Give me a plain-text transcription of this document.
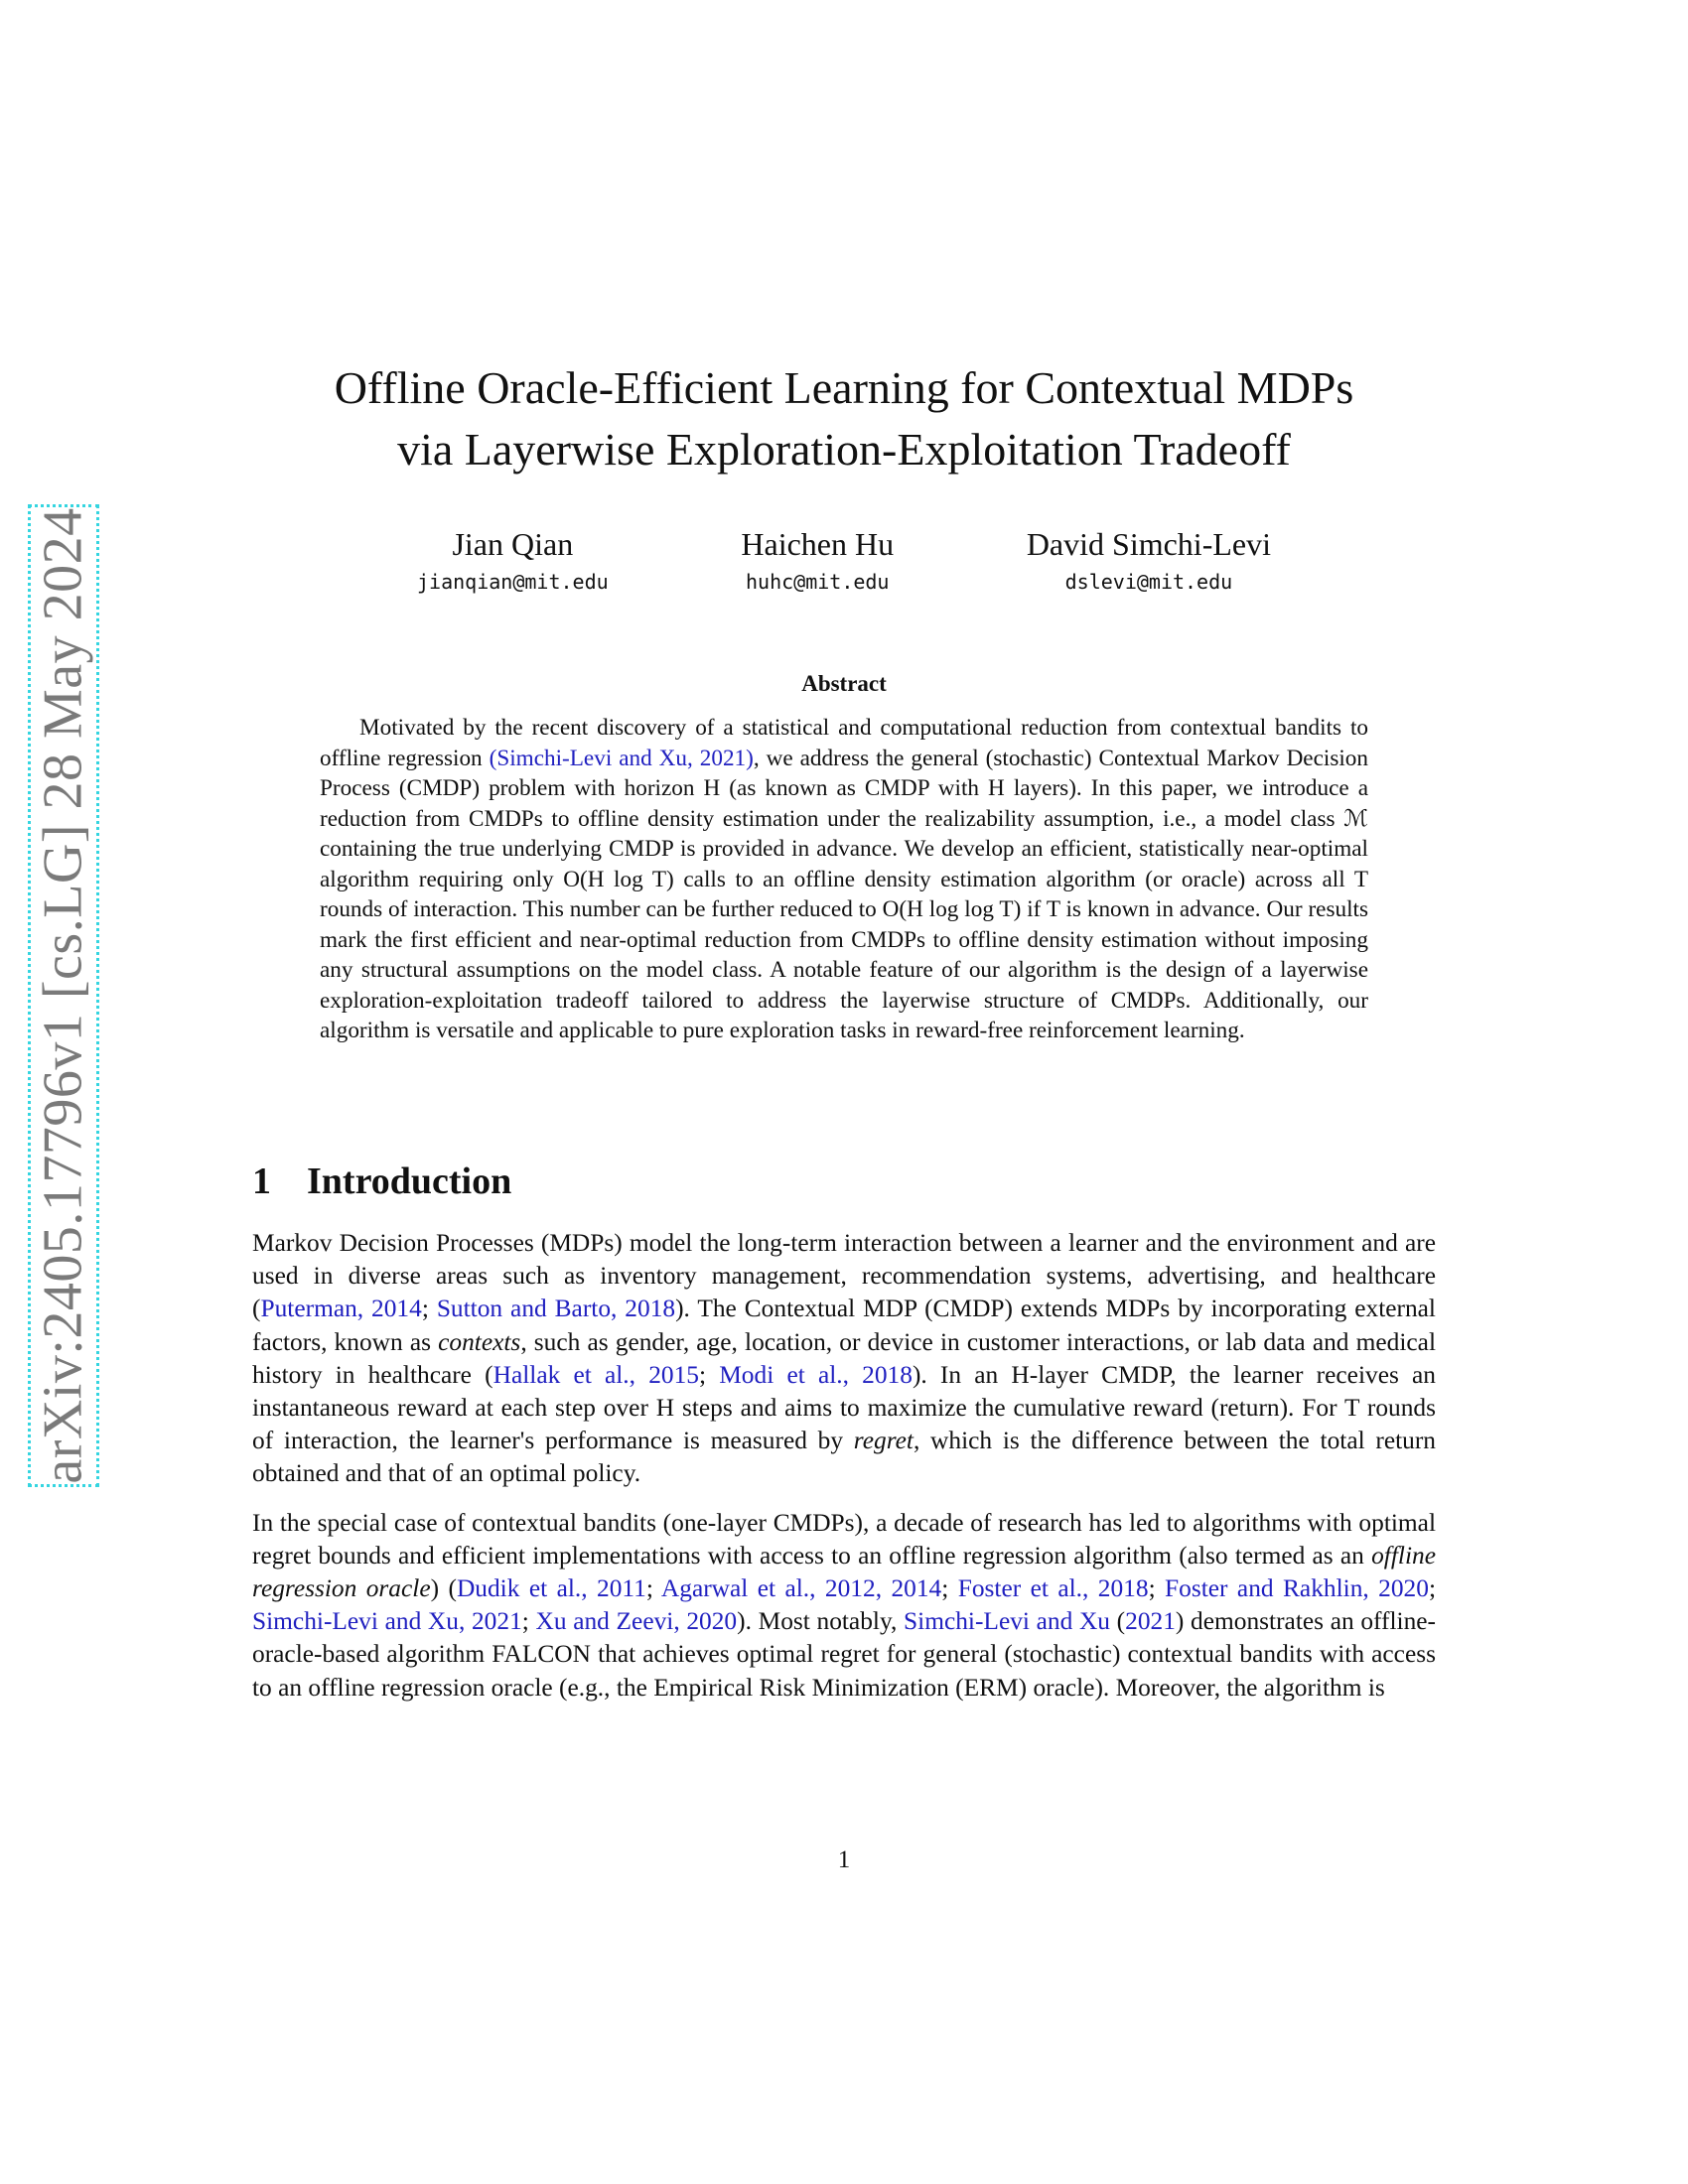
arXiv:2405.17796v1 [cs.LG] 28 May 2024
Offline Oracle-Efficient Learning for Contextual MDPs
via Layerwise Exploration-Exploitation Tradeoff
Jian Qian
jianqian@mit.edu
Haichen Hu
huhc@mit.edu
David Simchi-Levi
dslevi@mit.edu
Abstract

Motivated by the recent discovery of a statistical and computational reduction from contextual bandits to offline regression (Simchi-Levi and Xu, 2021), we address the general (stochastic) Contextual Markov Decision Process (CMDP) problem with horizon H (as known as CMDP with H layers). In this paper, we introduce a reduction from CMDPs to offline density estimation under the realizability assumption, i.e., a model class ℳ containing the true underlying CMDP is provided in advance. We develop an efficient, statistically near-optimal algorithm requiring only O(H log T) calls to an offline density estimation algorithm (or oracle) across all T rounds of interaction. This number can be further reduced to O(H log log T) if T is known in advance. Our results mark the first efficient and near-optimal reduction from CMDPs to offline density estimation without imposing any structural assumptions on the model class. A notable feature of our algorithm is the design of a layerwise exploration-exploitation tradeoff tailored to address the layerwise structure of CMDPs. Additionally, our algorithm is versatile and applicable to pure exploration tasks in reward-free reinforcement learning.

1 Introduction

Markov Decision Processes (MDPs) model the long-term interaction between a learner and the environment and are used in diverse areas such as inventory management, recommendation systems, advertising, and healthcare (Puterman, 2014; Sutton and Barto, 2018). The Contextual MDP (CMDP) extends MDPs by incorporating external factors, known as contexts, such as gender, age, location, or device in customer interactions, or lab data and medical history in healthcare (Hallak et al., 2015; Modi et al., 2018). In an H-layer CMDP, the learner receives an instantaneous reward at each step over H steps and aims to maximize the cumulative reward (return). For T rounds of interaction, the learner's performance is measured by regret, which is the difference between the total return obtained and that of an optimal policy.

In the special case of contextual bandits (one-layer CMDPs), a decade of research has led to algorithms with optimal regret bounds and efficient implementations with access to an offline regression algorithm (also termed as an offline regression oracle) (Dudik et al., 2011; Agarwal et al., 2012, 2014; Foster et al., 2018; Foster and Rakhlin, 2020; Simchi-Levi and Xu, 2021; Xu and Zeevi, 2020). Most notably, Simchi-Levi and Xu (2021) demonstrates an offline-oracle-based algorithm FALCON that achieves optimal regret for general (stochastic) contextual bandits with access to an offline regression oracle (e.g., the Empirical Risk Minimization (ERM) oracle). Moreover, the algorithm is

1
